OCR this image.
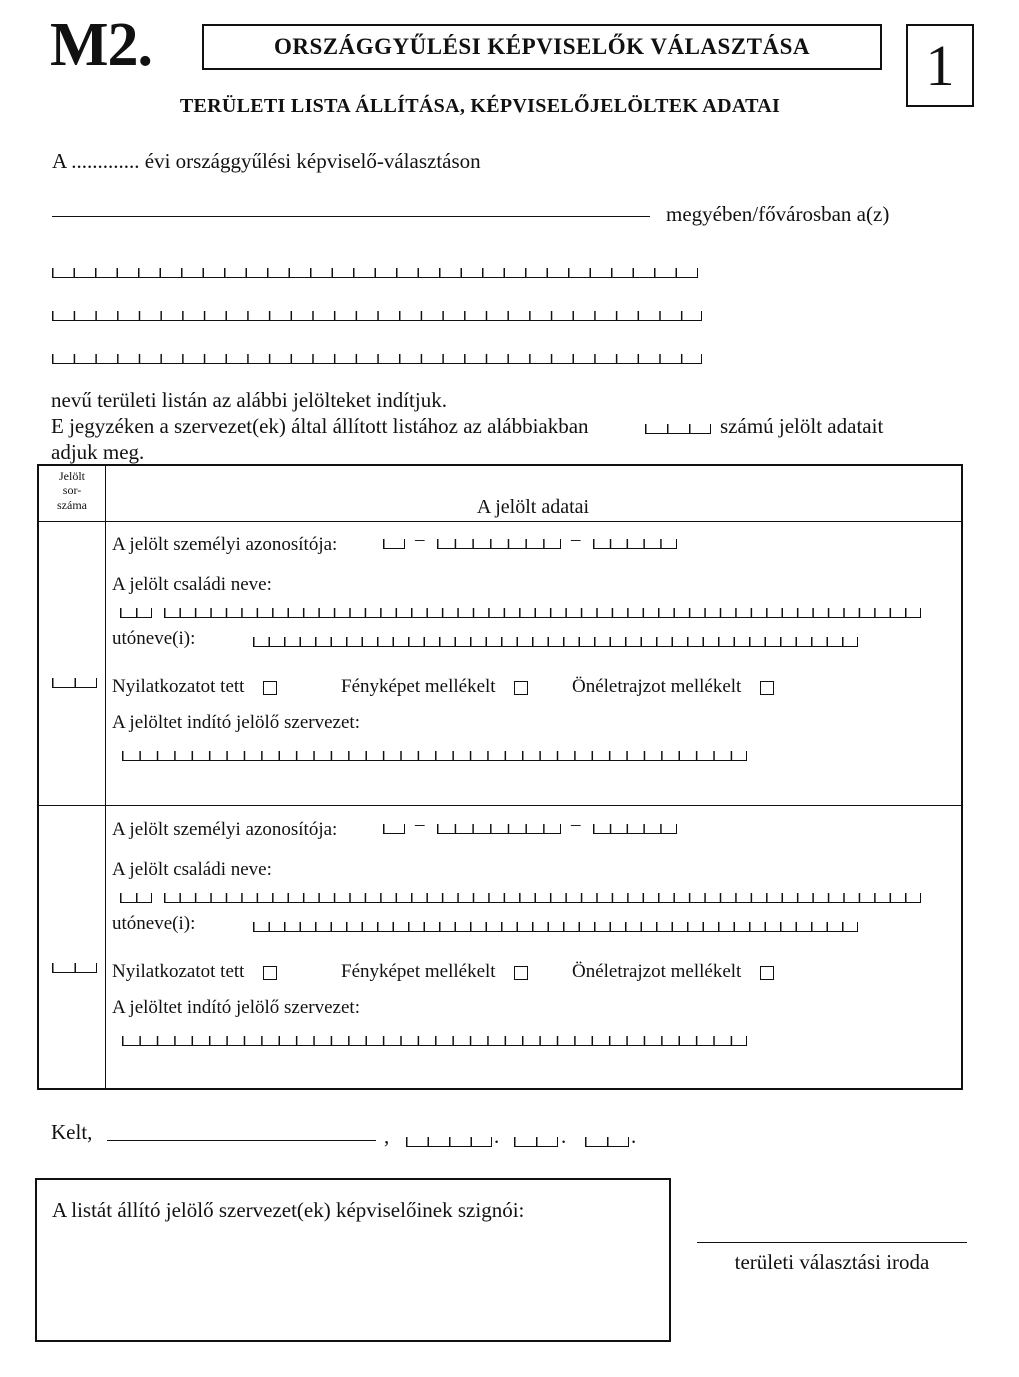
M2.	ORSZÁGGYŰLÉSI KÉPVISELŐK VÁLASZTÁSA	1
TERÜLETI LISTA ÁLLÍTÁSA, KÉPVISELŐJELÖLTEK ADATAI
A ............. évi országgyűlési képviselő-választáson
megyében/fővárosban a(z)
nevű területi listán az alábbi jelölteket indítjuk.
E jegyzéken a szervezet(ek) által állított listához az alábbiakban	számú jelölt adatait
adjuk meg.
Jelölt
sor-
száma	A jelölt adatai
A jelölt személyi azonosítója:	–	–
A jelölt családi neve:
utóneve(i):
Nyilatkozatot tett	Fényképet mellékelt	Önéletrajzot mellékelt
A jelöltet indító jelölő szervezet:
A jelölt személyi azonosítója:	–	–
A jelölt családi neve:
utóneve(i):
Nyilatkozatot tett	Fényképet mellékelt	Önéletrajzot mellékelt
A jelöltet indító jelölő szervezet:
Kelt,	,	.	.	.
A listát állító jelölő szervezet(ek) képviselőinek szignói:
területi választási iroda
